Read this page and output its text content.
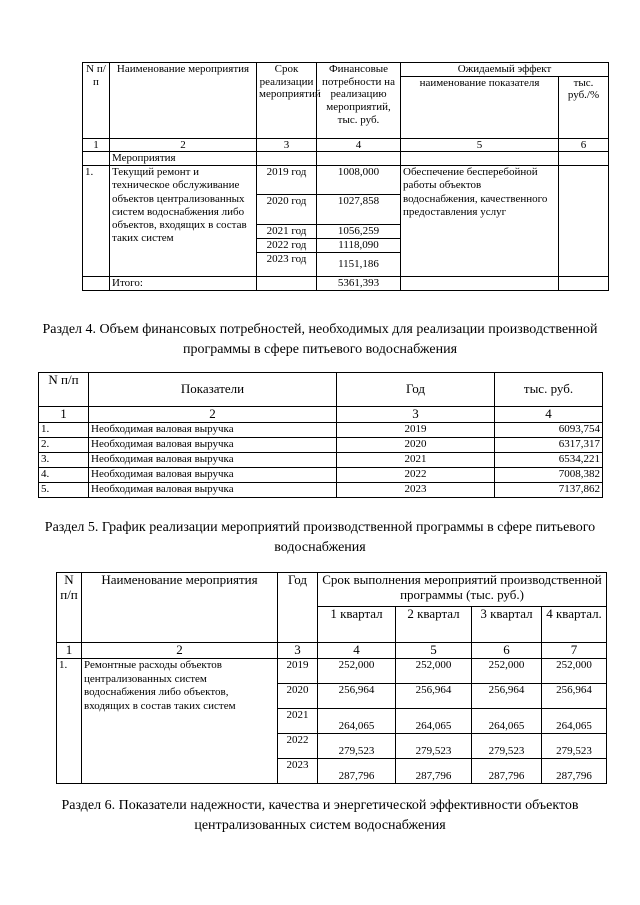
N п/п	Наименование мероприятия	Срок реализации мероприятий	Финансовые потребности на реализацию мероприятий, тыс. руб.	Ожидаемый эффект	
				наименование показателя	тыс. руб./%
1	2	3	4	5	6
	Мероприятия				
1.	Текущий ремонт и техническое обслуживание объектов централизованных систем водоснабжения либо объектов, входящих в состав таких систем	2019 год	1008,000	Обеспечение бесперебойной работы объектов водоснабжения, качественного предоставления услуг	
		2020 год	1027,858		
		2021 год	1056,259		
		2022 год	1118,090		
		2023 год	1151,186		
	Итого:		5361,393		

Раздел 4. Объем финансовых потребностей, необходимых для реализации производственной программы в сфере питьевого водоснабжения

N п/п	Показатели	Год	тыс. руб.
1	2	3	4
1.	Необходимая валовая выручка	2019	6093,754
2.	Необходимая валовая выручка	2020	6317,317
3.	Необходимая валовая выручка	2021	6534,221
4.	Необходимая валовая выручка	2022	7008,382
5.	Необходимая валовая выручка	2023	7137,862

Раздел 5. График реализации мероприятий производственной программы в сфере питьевого водоснабжения

N п/п	Наименование мероприятия	Год	Срок выполнения мероприятий производственной программы (тыс. руб.)			
			1 квартал	2 квартал	3 квартал	4 квартал.
1	2	3	4	5	6	7
1.	Ремонтные расходы объектов централизованных систем водоснабжения либо объектов, входящих в состав таких систем	2019	252,000	252,000	252,000	252,000
		2020	256,964	256,964	256,964	256,964
		2021	264,065	264,065	264,065	264,065
		2022	279,523	279,523	279,523	279,523
		2023	287,796	287,796	287,796	287,796

Раздел 6. Показатели надежности, качества и энергетической эффективности объектов централизованных систем водоснабжения
